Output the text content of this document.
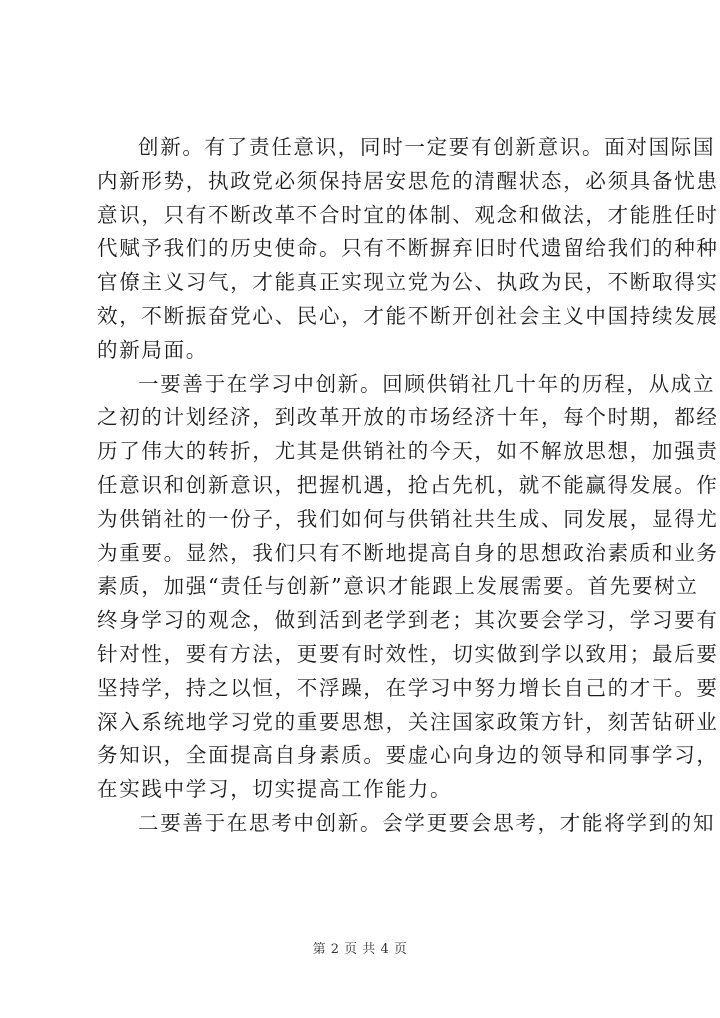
创新。有了责任意识，同时一定要有创新意识。面对国际国
内新形势，执政党必须保持居安思危的清醒状态，必须具备忧患
意识，只有不断改革不合时宜的体制、观念和做法，才能胜任时
代赋予我们的历史使命。只有不断摒弃旧时代遗留给我们的种种
官僚主义习气，才能真正实现立党为公、执政为民，不断取得实
效，不断振奋党心、民心，才能不断开创社会主义中国持续发展
的新局面。
一要善于在学习中创新。回顾供销社几十年的历程，从成立
之初的计划经济，到改革开放的市场经济十年，每个时期，都经
历了伟大的转折，尤其是供销社的今天，如不解放思想，加强责
任意识和创新意识，把握机遇，抢占先机，就不能赢得发展。作
为供销社的一份子，我们如何与供销社共生成、同发展，显得尤
为重要。显然，我们只有不断地提高自身的思想政治素质和业务
素质，加强“责任与创新”意识才能跟上发展需要。首先要树立
终身学习的观念，做到活到老学到老；其次要会学习，学习要有
针对性，要有方法，更要有时效性，切实做到学以致用；最后要
坚持学，持之以恒，不浮躁，在学习中努力增长自己的才干。要
深入系统地学习党的重要思想，关注国家政策方针，刻苦钻研业
务知识，全面提高自身素质。要虚心向身边的领导和同事学习，
在实践中学习，切实提高工作能力。
二要善于在思考中创新。会学更要会思考，才能将学到的知
第 2 页 共 4 页
